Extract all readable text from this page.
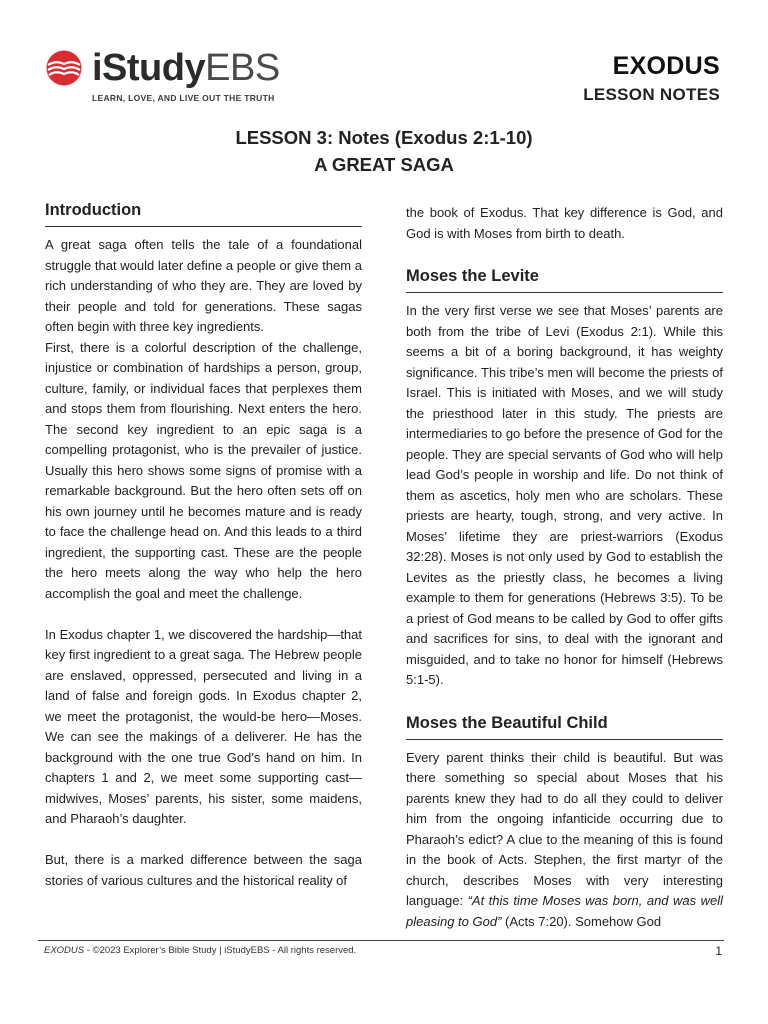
iStudyEBS
LEARN, LOVE, AND LIVE OUT THE TRUTH
EXODUS
LESSON NOTES
LESSON 3: Notes (Exodus 2:1-10)
A GREAT SAGA
Introduction

A great saga often tells the tale of a foundational struggle that would later define a people or give them a rich understanding of who they are. They are loved by their people and told for generations. These sagas often begin with three key ingredients.

First, there is a colorful description of the challenge, injustice or combination of hardships a person, group, culture, family, or individual faces that perplexes them and stops them from flourishing. Next enters the hero. The second key ingredient to an epic saga is a compelling protagonist, who is the prevailer of justice. Usually this hero shows some signs of promise with a remarkable background. But the hero often sets off on his own journey until he becomes mature and is ready to face the challenge head on. And this leads to a third ingredient, the supporting cast. These are the people the hero meets along the way who help the hero accomplish the goal and meet the challenge.

In Exodus chapter 1, we discovered the hardship—that key first ingredient to a great saga. The Hebrew people are enslaved, oppressed, persecuted and living in a land of false and foreign gods. In Exodus chapter 2, we meet the protagonist, the would-be hero—Moses. We can see the makings of a deliverer. He has the background with the one true God’s hand on him. In chapters 1 and 2, we meet some supporting cast—midwives, Moses’ parents, his sister, some maidens, and Pharaoh’s daughter.

But, there is a marked difference between the saga stories of various cultures and the historical reality of

the book of Exodus. That key difference is God, and God is with Moses from birth to death.

Moses the Levite

In the very first verse we see that Moses’ parents are both from the tribe of Levi (Exodus 2:1). While this seems a bit of a boring background, it has weighty significance. This tribe’s men will become the priests of Israel. This is initiated with Moses, and we will study the priesthood later in this study. The priests are intermediaries to go before the presence of God for the people. They are special servants of God who will help lead God’s people in worship and life. Do not think of them as ascetics, holy men who are scholars. These priests are hearty, tough, strong, and very active. In Moses’ lifetime they are priest-warriors (Exodus 32:28). Moses is not only used by God to establish the Levites as the priestly class, he becomes a living example to them for generations (Hebrews 3:5). To be a priest of God means to be called by God to offer gifts and sacrifices for sins, to deal with the ignorant and misguided, and to take no honor for himself (Hebrews 5:1-5).

Moses the Beautiful Child

Every parent thinks their child is beautiful. But was there something so special about Moses that his parents knew they had to do all they could to deliver him from the ongoing infanticide occurring due to Pharaoh’s edict? A clue to the meaning of this is found in the book of Acts. Stephen, the first martyr of the church, describes Moses with very interesting language: “At this time Moses was born, and was well pleasing to God” (Acts 7:20). Somehow God

EXODUS - ©2023 Explorer’s Bible Study | iStudyEBS - All rights reserved.	1
